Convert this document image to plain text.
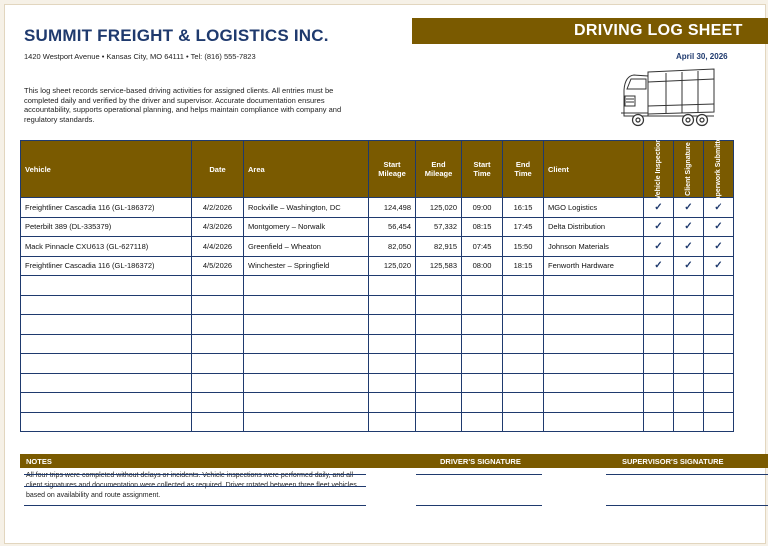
SUMMIT FREIGHT & LOGISTICS INC.
1420 Westport Avenue • Kansas City, MO 64111 • Tel: (816) 555-7823
DRIVING LOG SHEET
April 30, 2026
This log sheet records service-based driving activities for assigned clients. All entries must be completed daily and verified by the driver and supervisor. Accurate documentation ensures accountability, supports operational planning, and helps maintain compliance with company and regulatory standards.
Vehicle	Date	Area	Start Mileage	End Mileage	Start Time	End Time	Client	Vehicle Inspection	Client Signature	Paperwork Submitted

Freightliner Cascadia 116 (GL-186372)	4/2/2026	Rockville – Washington, DC	124,498	125,020	09:00	16:15	MGO Logistics	✓	✓	✓
Peterbilt 389 (DL-335379)	4/3/2026	Montgomery – Norwalk	56,454	57,332	08:15	17:45	Delta Distribution	✓	✓	✓
Mack Pinnacle CXU613 (GL-627118)	4/4/2026	Greenfield – Wheaton	82,050	82,915	07:45	15:50	Johnson Materials	✓	✓	✓
Freightliner Cascadia 116 (GL-186372)	4/5/2026	Winchester – Springfield	125,020	125,583	08:00	18:15	Fenworth Hardware	✓	✓	✓

NOTES	DRIVER'S SIGNATURE	SUPERVISOR'S SIGNATURE
All four trips were completed without delays or incidents. Vehicle inspections were performed daily, and all client signatures and documentation were collected as required. Driver rotated between three fleet vehicles based on availability and route assignment.
